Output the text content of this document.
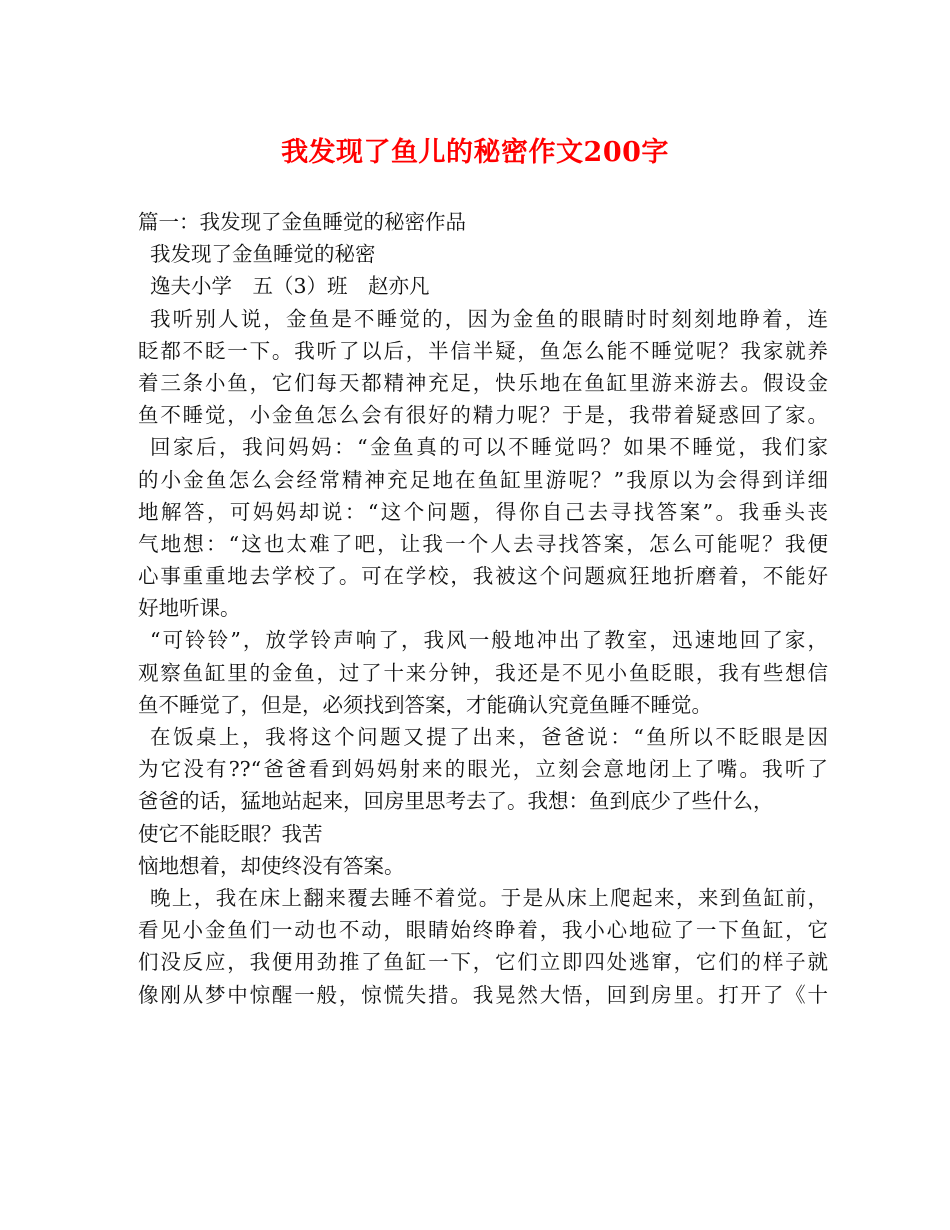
我发现了鱼儿的秘密作文200字
篇一：我发现了金鱼睡觉的秘密作品
我发现了金鱼睡觉的秘密
逸夫小学　五（3）班　赵亦凡
我听别人说，金鱼是不睡觉的，因为金鱼的眼睛时时刻刻地睁着，连
眨都不眨一下。我听了以后，半信半疑，鱼怎么能不睡觉呢？我家就养
着三条小鱼，它们每天都精神充足，快乐地在鱼缸里游来游去。假设金
鱼不睡觉，小金鱼怎么会有很好的精力呢？于是，我带着疑惑回了家。
回家后，我问妈妈：“金鱼真的可以不睡觉吗？如果不睡觉，我们家
的小金鱼怎么会经常精神充足地在鱼缸里游呢？”我原以为会得到详细
地解答，可妈妈却说：“这个问题，得你自己去寻找答案”。我垂头丧
气地想：“这也太难了吧，让我一个人去寻找答案，怎么可能呢？我便
心事重重地去学校了。可在学校，我被这个问题疯狂地折磨着，不能好
好地听课。
“可铃铃”，放学铃声响了，我风一般地冲出了教室，迅速地回了家，
观察鱼缸里的金鱼，过了十来分钟，我还是不见小鱼眨眼，我有些想信
鱼不睡觉了，但是，必须找到答案，才能确认究竟鱼睡不睡觉。
在饭桌上，我将这个问题又提了出来，爸爸说：“鱼所以不眨眼是因
为它没有??“爸爸看到妈妈射来的眼光，立刻会意地闭上了嘴。我听了
爸爸的话，猛地站起来，回房里思考去了。我想：鱼到底少了些什么，
使它不能眨眼？我苦
恼地想着，却使终没有答案。
晚上，我在床上翻来覆去睡不着觉。于是从床上爬起来，来到鱼缸前，
看见小金鱼们一动也不动，眼睛始终睁着，我小心地砬了一下鱼缸，它
们没反应，我便用劲推了鱼缸一下，它们立即四处逃窜，它们的样子就
像刚从梦中惊醒一般，惊慌失措。我晃然大悟，回到房里。打开了《十
